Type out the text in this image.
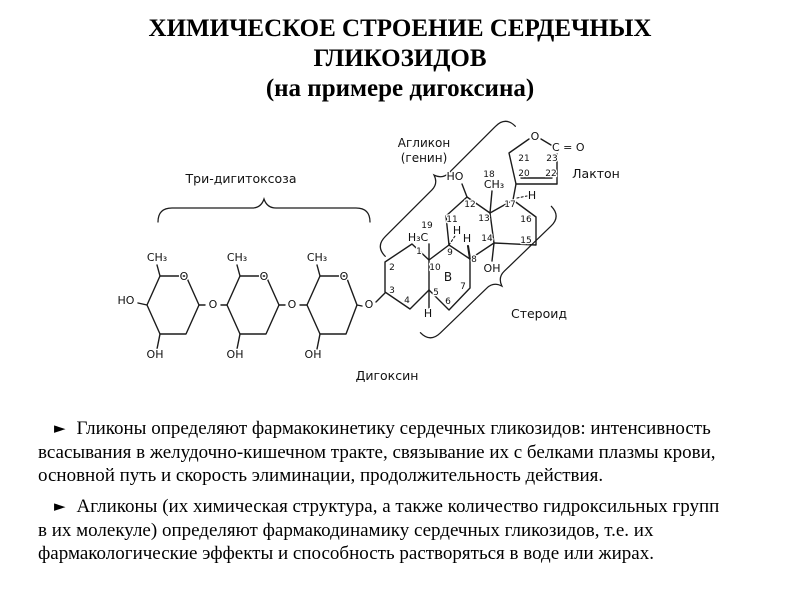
CH₃
O
HO
OH
O
CH₃
O
OH
O
CH₃
O
OH
O
H
H₃C
H
H
HO
CH₃
OH
H
O
C = O
B
1
2
3
4
5
6
7
8
9
10
11
12
13
14	15
16
17
18
19
20
21
22
23
Три-дигитоксоза
Агликон
(генин)
Лактон
Стероид
Дигоксин
ХИМИЧЕСКОЕ СТРОЕНИЕ СЕРДЕЧНЫХ
ГЛИКОЗИДОВ
(на примере дигоксина)
► Гликоны определяют фармакокинетику сердечных гликозидов: интенсивность
всасывания в желудочно-кишечном тракте, связывание их с белками плазмы крови,
основной путь и скорость элиминации, продолжительность действия.
► Агликоны (их химическая структура, а также количество гидроксильных групп
в их молекуле) определяют фармакодинамику сердечных гликозидов, т.е. их
фармакологические эффекты и способность растворяться в воде или жирах.
